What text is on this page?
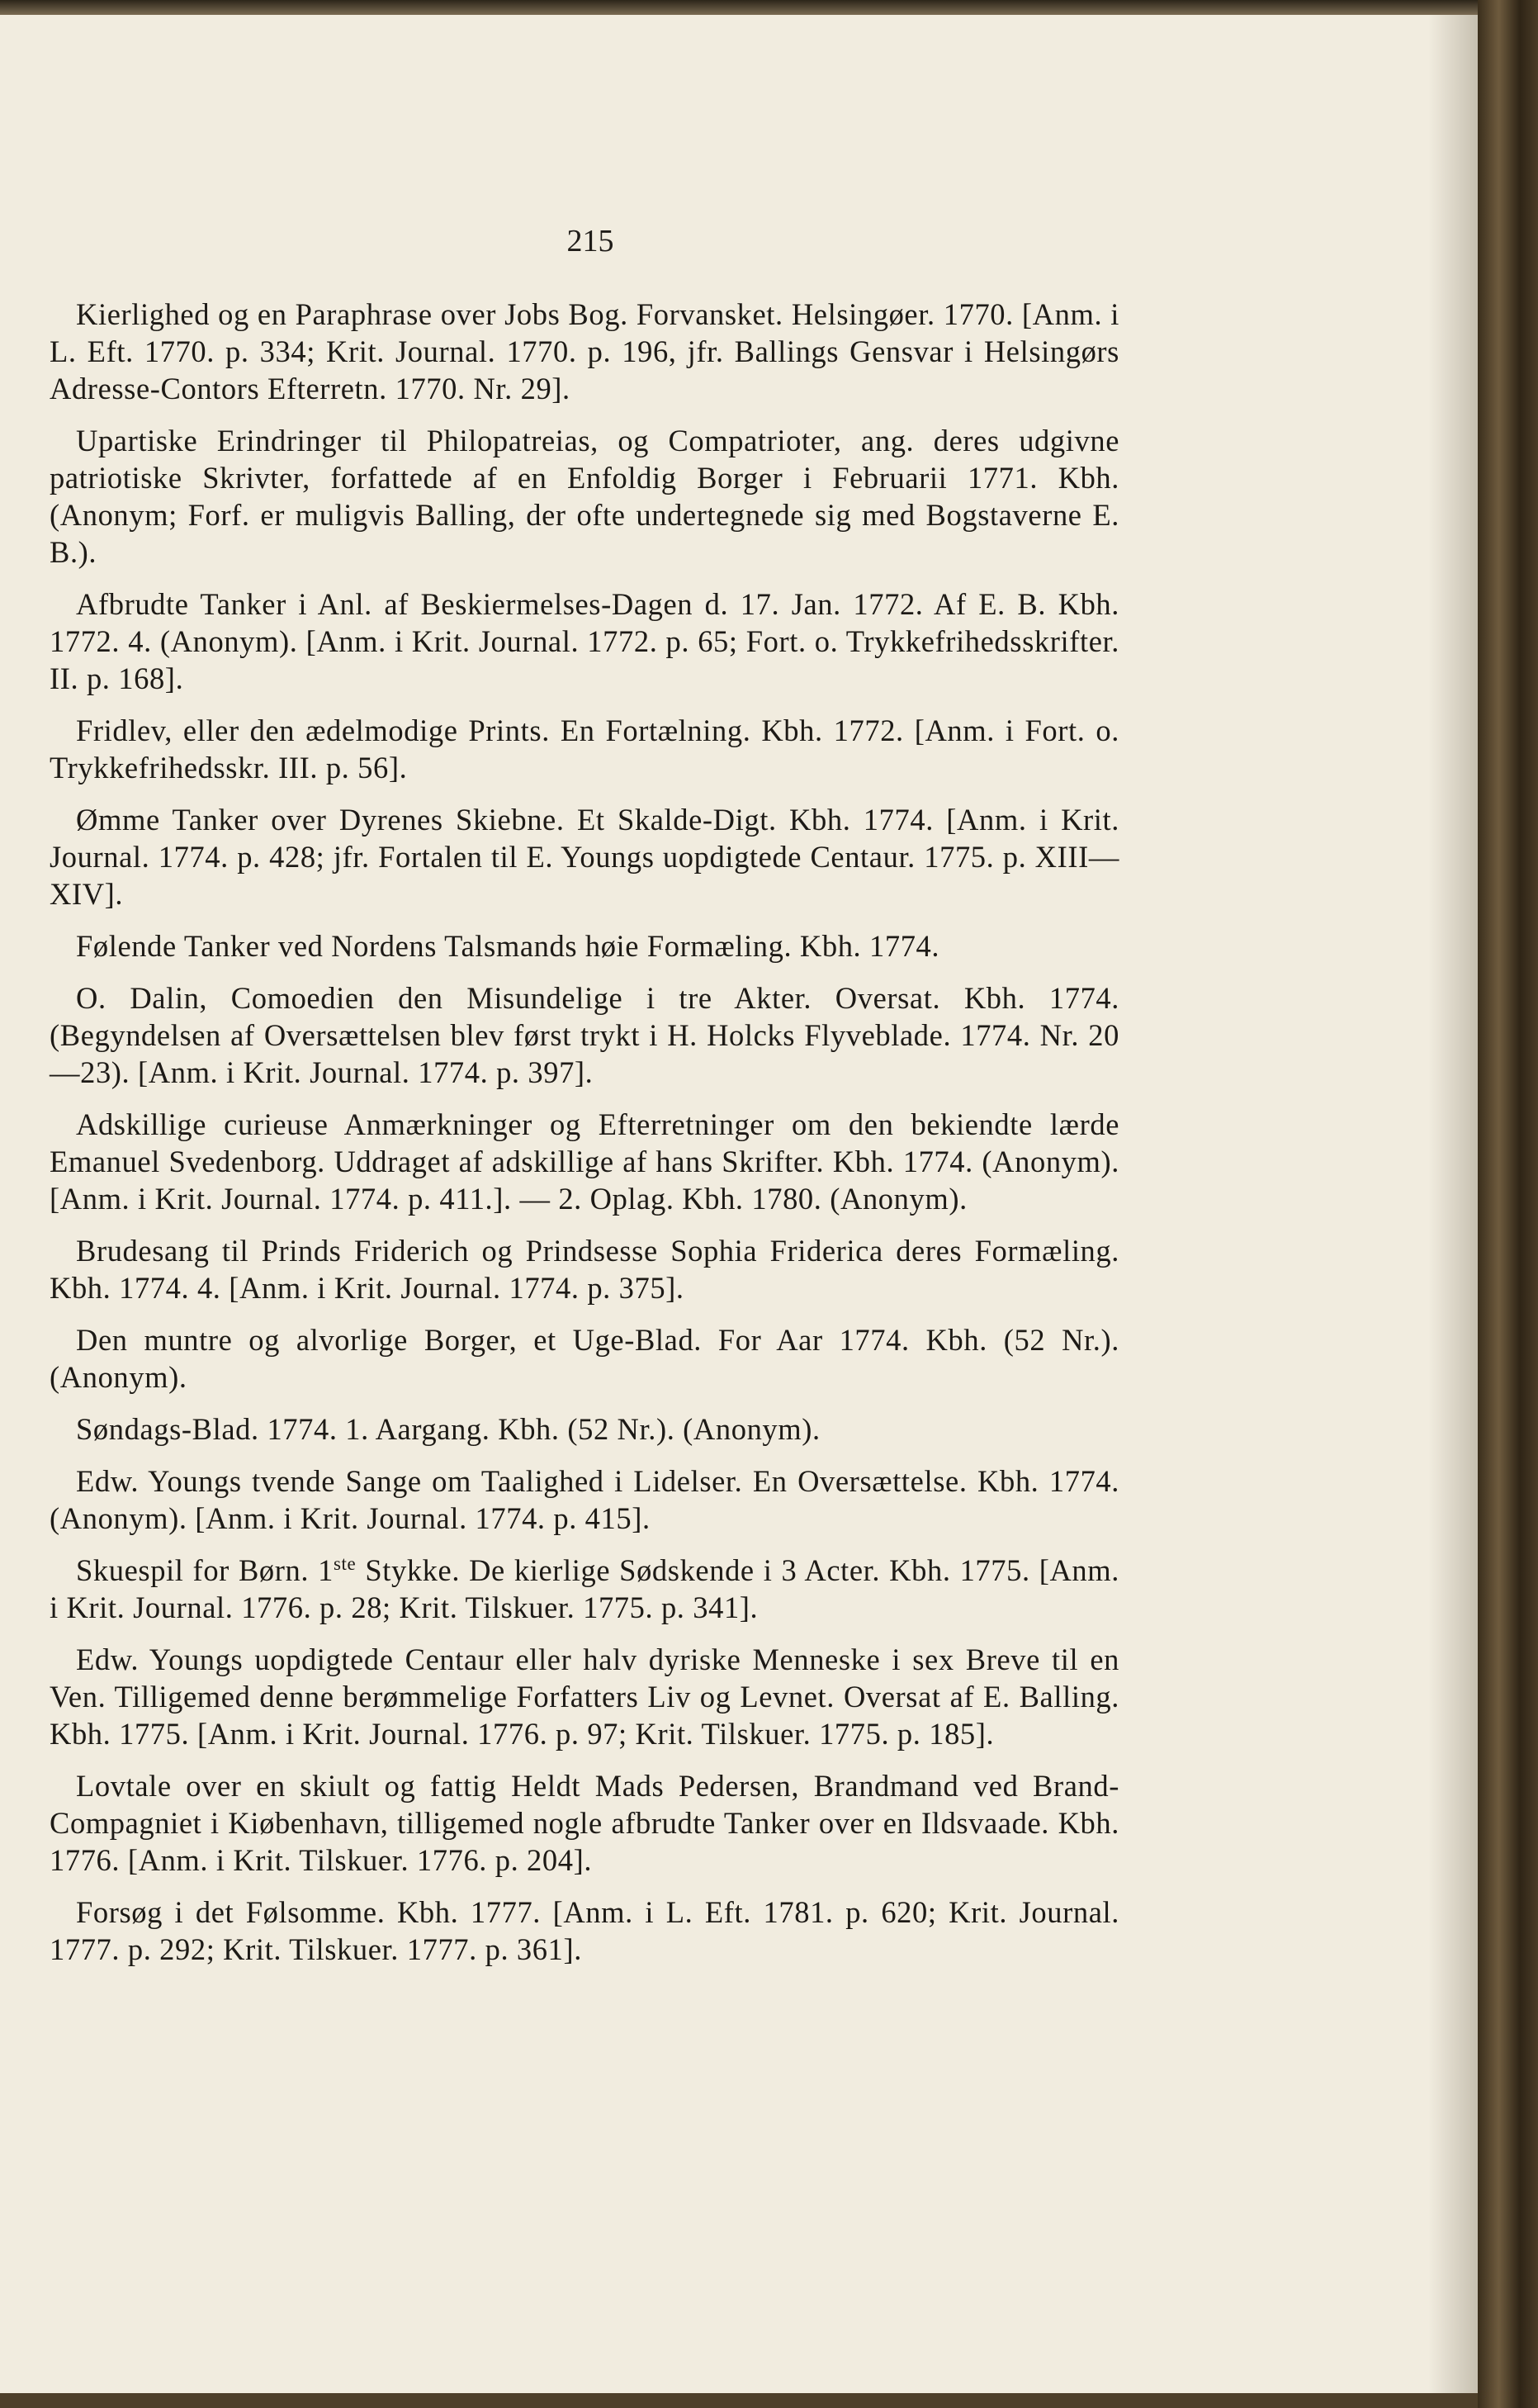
215

Kierlighed og en Paraphrase over Jobs Bog. Forvansket. Helsingøer. 1770. [Anm. i L. Eft. 1770. p. 334; Krit. Journal. 1770. p. 196, jfr. Ballings Gensvar i Helsingørs Adresse-Contors Efterretn. 1770. Nr. 29].

Upartiske Erindringer til Philopatreias, og Compatrioter, ang. deres udgivne patriotiske Skrivter, forfattede af en Enfoldig Borger i Februarii 1771. Kbh. (Anonym; Forf. er muligvis Balling, der ofte undertegnede sig med Bogstaverne E. B.).

Afbrudte Tanker i Anl. af Beskiermelses-Dagen d. 17. Jan. 1772. Af E. B. Kbh. 1772. 4. (Anonym). [Anm. i Krit. Journal. 1772. p. 65; Fort. o. Trykkefrihedsskrifter. II. p. 168].

Fridlev, eller den ædelmodige Prints. En Fortælning. Kbh. 1772. [Anm. i Fort. o. Trykkefrihedsskr. III. p. 56].

Ømme Tanker over Dyrenes Skiebne. Et Skalde-Digt. Kbh. 1774. [Anm. i Krit. Journal. 1774. p. 428; jfr. Fortalen til E. Youngs uopdigtede Centaur. 1775. p. XIII—XIV].

Følende Tanker ved Nordens Talsmands høie Formæling. Kbh. 1774.

O. Dalin, Comoedien den Misundelige i tre Akter. Oversat. Kbh. 1774. (Begyndelsen af Oversættelsen blev først trykt i H. Holcks Flyveblade. 1774. Nr. 20—23). [Anm. i Krit. Journal. 1774. p. 397].

Adskillige curieuse Anmærkninger og Efterretninger om den bekiendte lærde Emanuel Svedenborg. Uddraget af adskillige af hans Skrifter. Kbh. 1774. (Anonym). [Anm. i Krit. Journal. 1774. p. 411.]. — 2. Oplag. Kbh. 1780. (Anonym).

Brudesang til Prinds Friderich og Prindsesse Sophia Friderica deres Formæling. Kbh. 1774. 4. [Anm. i Krit. Journal. 1774. p. 375].

Den muntre og alvorlige Borger, et Uge-Blad. For Aar 1774. Kbh. (52 Nr.). (Anonym).

Søndags-Blad. 1774. 1. Aargang. Kbh. (52 Nr.). (Anonym).

Edw. Youngs tvende Sange om Taalighed i Lidelser. En Oversættelse. Kbh. 1774. (Anonym). [Anm. i Krit. Journal. 1774. p. 415].

Skuespil for Børn. 1ste Stykke. De kierlige Sødskende i 3 Acter. Kbh. 1775. [Anm. i Krit. Journal. 1776. p. 28; Krit. Tilskuer. 1775. p. 341].

Edw. Youngs uopdigtede Centaur eller halv dyriske Menneske i sex Breve til en Ven. Tilligemed denne berømmelige Forfatters Liv og Levnet. Oversat af E. Balling. Kbh. 1775. [Anm. i Krit. Journal. 1776. p. 97; Krit. Tilskuer. 1775. p. 185].

Lovtale over en skiult og fattig Heldt Mads Pedersen, Brandmand ved Brand-Compagniet i Kiøbenhavn, tilligemed nogle afbrudte Tanker over en Ildsvaade. Kbh. 1776. [Anm. i Krit. Tilskuer. 1776. p. 204].

Forsøg i det Følsomme. Kbh. 1777. [Anm. i L. Eft. 1781. p. 620; Krit. Journal. 1777. p. 292; Krit. Tilskuer. 1777. p. 361].
